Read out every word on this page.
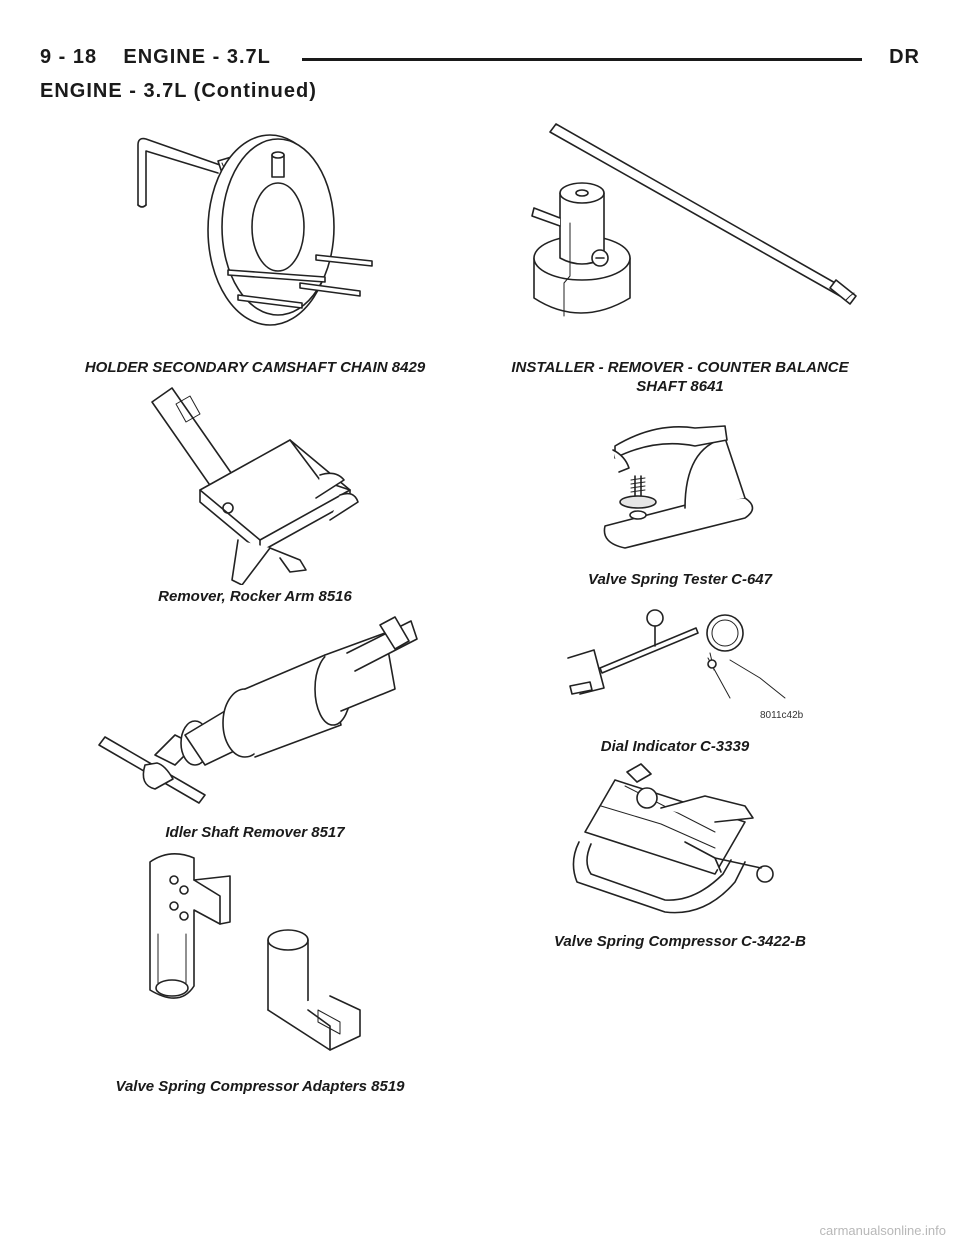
9 - 18 ENGINE - 3.7L	DR
ENGINE - 3.7L (Continued)
HOLDER SECONDARY CAMSHAFT CHAIN 8429	INSTALLER - REMOVER - COUNTER BALANCE
SHAFT 8641
Remover, Rocker Arm 8516
Valve Spring Tester C-647
8011c42b
Dial Indicator C-3339
Idler Shaft Remover 8517
Valve Spring Compressor C-3422-B
Valve Spring Compressor Adapters 8519
carmanualsonline.info
